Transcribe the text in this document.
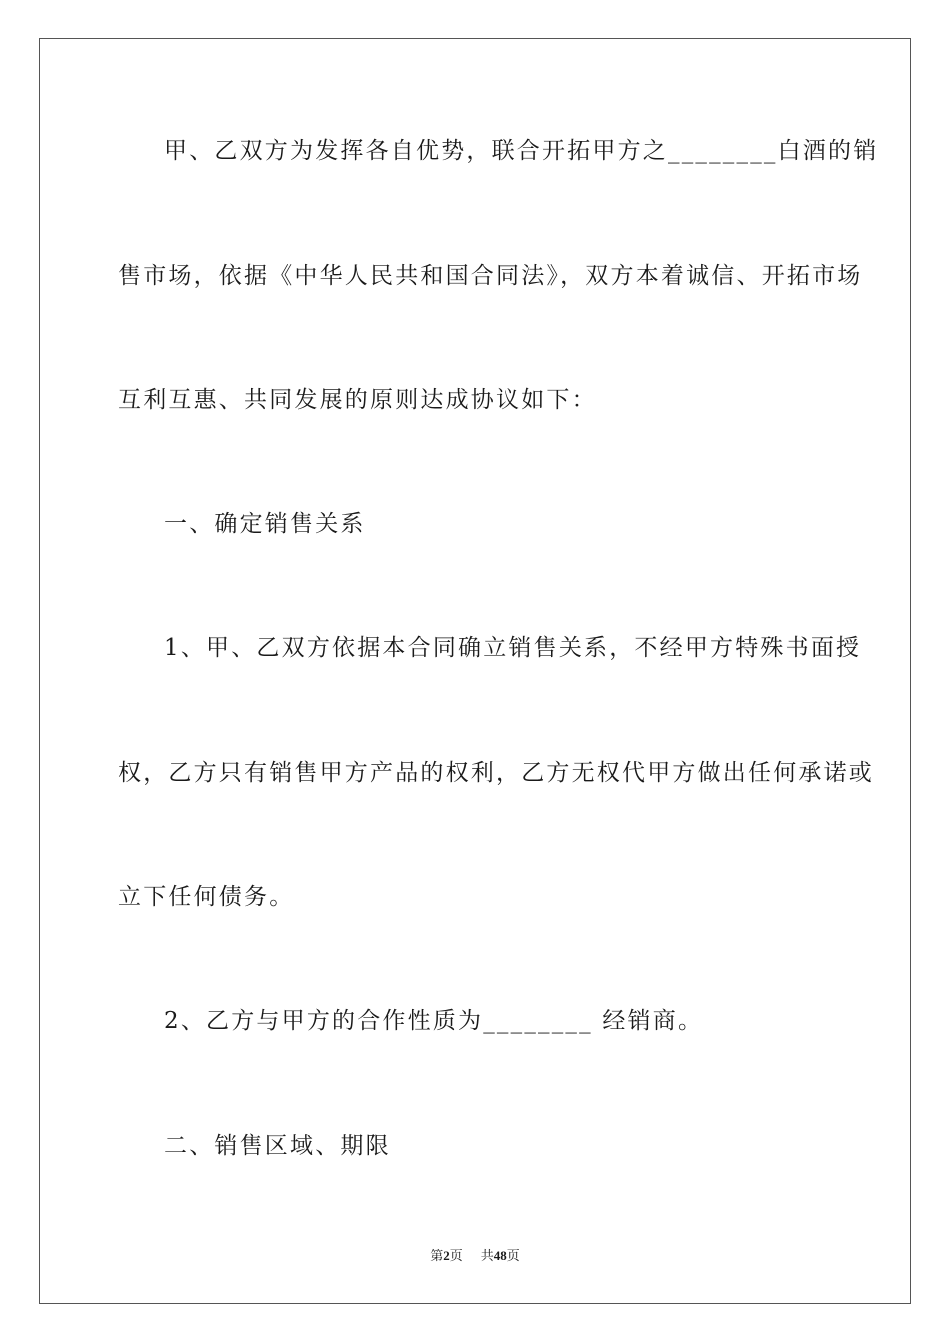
甲、乙双方为发挥各自优势，联合开拓甲方之________白酒的销
售市场，依据《中华人民共和国合同法》，双方本着诚信、开拓市场
互利互惠、共同发展的原则达成协议如下：
一、确定销售关系
1、甲、乙双方依据本合同确立销售关系，不经甲方特殊书面授
权，乙方只有销售甲方产品的权利，乙方无权代甲方做出任何承诺或
立下任何债务。
2、乙方与甲方的合作性质为________ 经销商。
二、销售区域、期限
第2页 共48页
